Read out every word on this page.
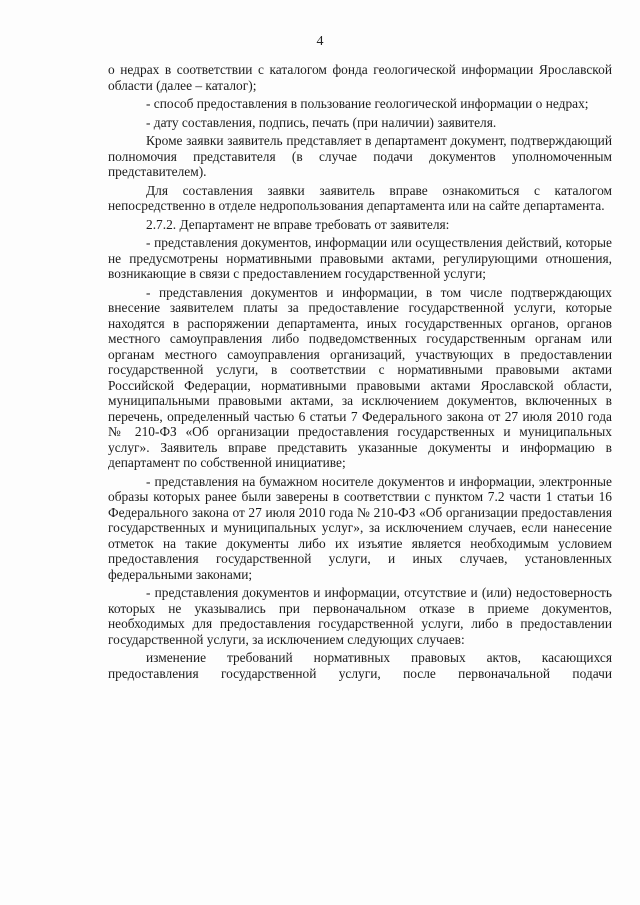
4

о недрах в соответствии с каталогом фонда геологической информации Ярославской области (далее – каталог);

- способ предоставления в пользование геологической информации о недрах;

- дату составления, подпись, печать (при наличии) заявителя.

Кроме заявки заявитель представляет в департамент документ, подтверждающий полномочия представителя (в случае подачи документов уполномоченным представителем).

Для составления заявки заявитель вправе ознакомиться с каталогом непосредственно в отделе недропользования департамента или на сайте департамента.

2.7.2. Департамент не вправе требовать от заявителя:

- представления документов, информации или осуществления действий, которые не предусмотрены нормативными правовыми актами, регулирующими отношения, возникающие в связи с предоставлением государственной услуги;

- представления документов и информации, в том числе подтверждающих внесение заявителем платы за предоставление государственной услуги, которые находятся в распоряжении департамента, иных государственных органов, органов местного самоуправления либо подведомственных государственным органам или органам местного самоуправления организаций, участвующих в предоставлении государственной услуги, в соответствии с нормативными правовыми актами Российской Федерации, нормативными правовыми актами Ярославской области, муниципальными правовыми актами, за исключением документов, включенных в перечень, определенный частью 6 статьи 7 Федерального закона от 27 июля 2010 года № 210-ФЗ «Об организации предоставления государственных и муниципальных услуг». Заявитель вправе представить указанные документы и информацию в департамент по собственной инициативе;

- представления на бумажном носителе документов и информации, электронные образы которых ранее были заверены в соответствии с пунктом 7.2 части 1 статьи 16 Федерального закона от 27 июля 2010 года № 210-ФЗ «Об организации предоставления государственных и муниципальных услуг», за исключением случаев, если нанесение отметок на такие документы либо их изъятие является необходимым условием предоставления государственной услуги, и иных случаев, установленных федеральными законами;

- представления документов и информации, отсутствие и (или) недостоверность которых не указывались при первоначальном отказе в приеме документов, необходимых для предоставления государственной услуги, либо в предоставлении государственной услуги, за исключением следующих случаев:

изменение требований нормативных правовых актов, касающихся предоставления государственной услуги, после первоначальной подачи
